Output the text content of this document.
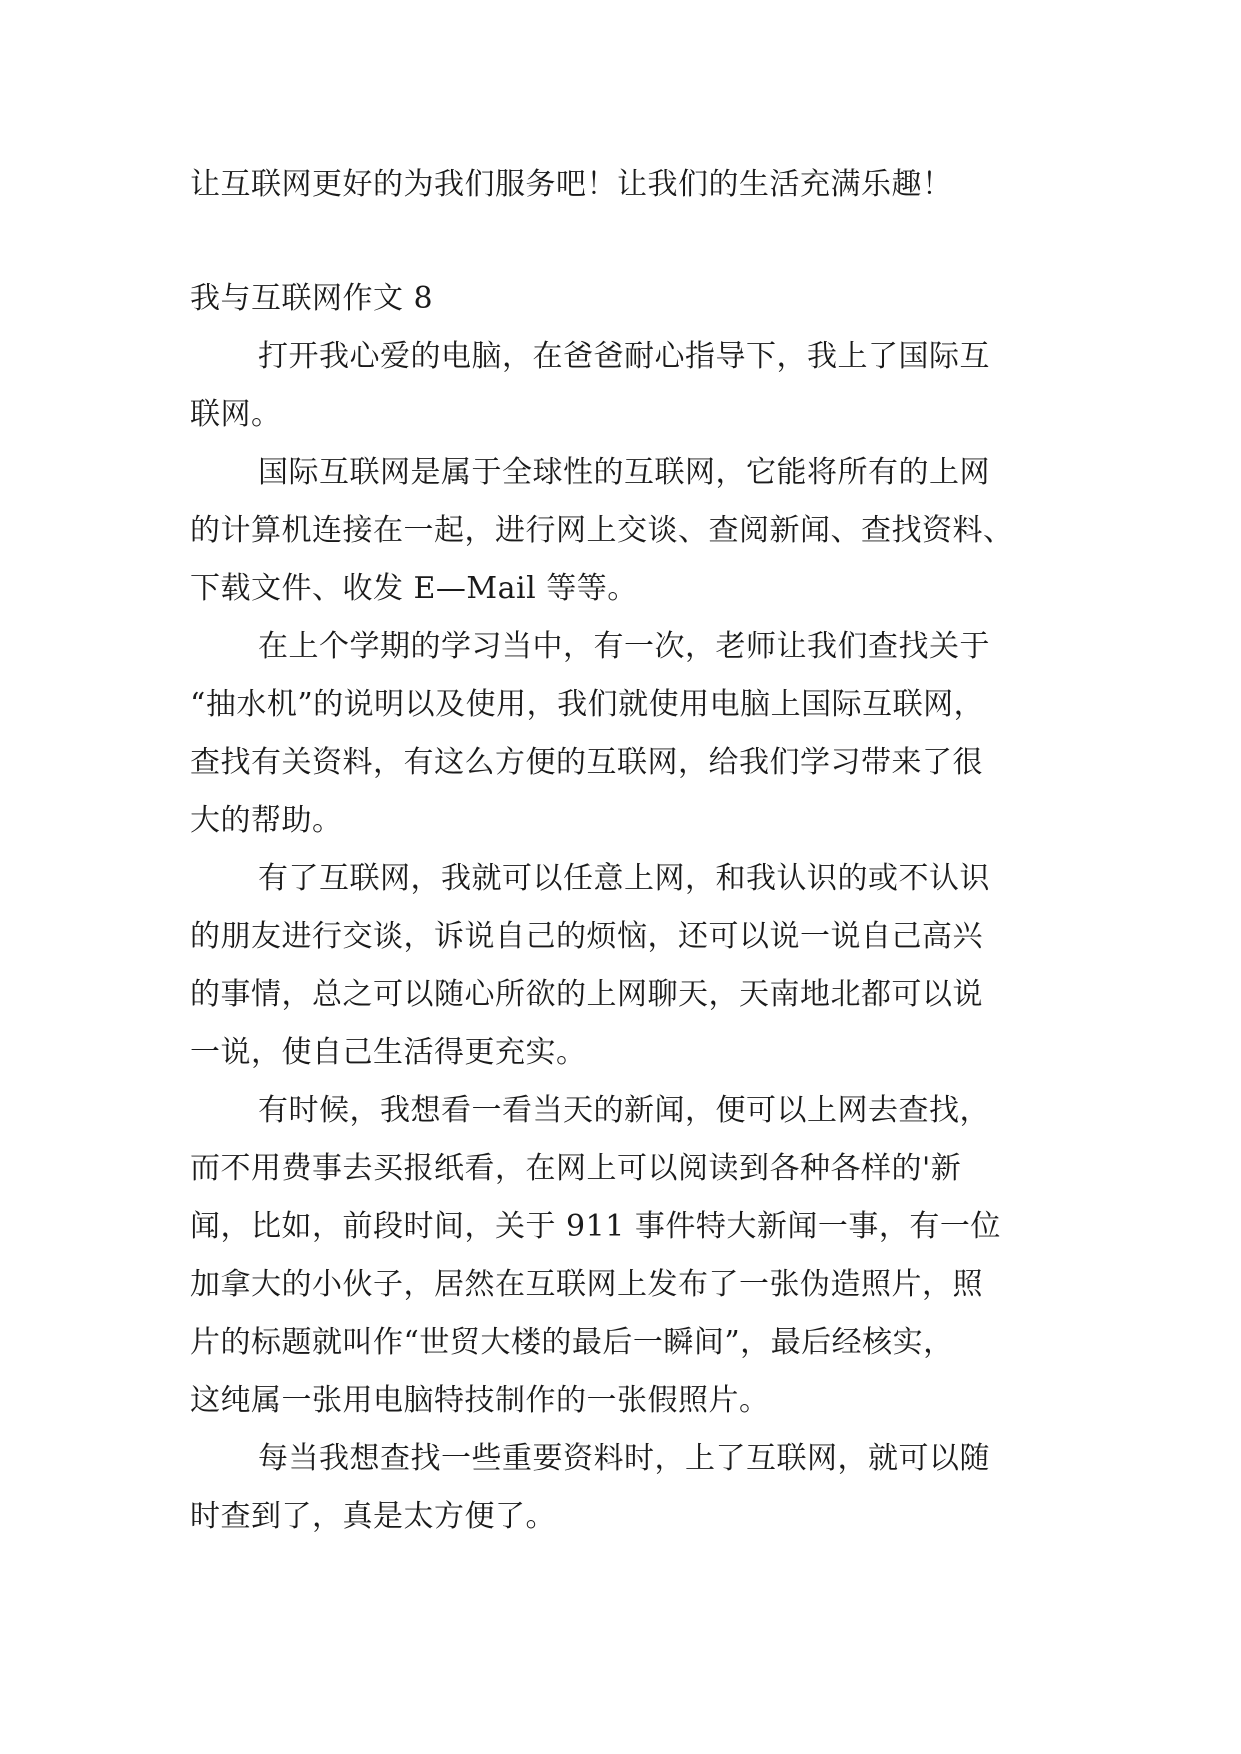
让互联网更好的为我们服务吧！让我们的生活充满乐趣！

我与互联网作文 8

打开我心爱的电脑，在爸爸耐心指导下，我上了国际互

联网。

国际互联网是属于全球性的互联网，它能将所有的上网

的计算机连接在一起，进行网上交谈、查阅新闻、查找资料、

下载文件、收发 E—Mail 等等。

在上个学期的学习当中，有一次，老师让我们查找关于

“抽水机”的说明以及使用，我们就使用电脑上国际互联网，

查找有关资料，有这么方便的互联网，给我们学习带来了很

大的帮助。

有了互联网，我就可以任意上网，和我认识的或不认识

的朋友进行交谈，诉说自己的烦恼，还可以说一说自己高兴

的事情，总之可以随心所欲的上网聊天，天南地北都可以说

一说，使自己生活得更充实。

有时候，我想看一看当天的新闻，便可以上网去查找，

而不用费事去买报纸看，在网上可以阅读到各种各样的'新

闻，比如，前段时间，关于 911 事件特大新闻一事，有一位

加拿大的小伙子，居然在互联网上发布了一张伪造照片，照

片的标题就叫作“世贸大楼的最后一瞬间”，最后经核实，

这纯属一张用电脑特技制作的一张假照片。

每当我想查找一些重要资料时，上了互联网，就可以随

时查到了，真是太方便了。
